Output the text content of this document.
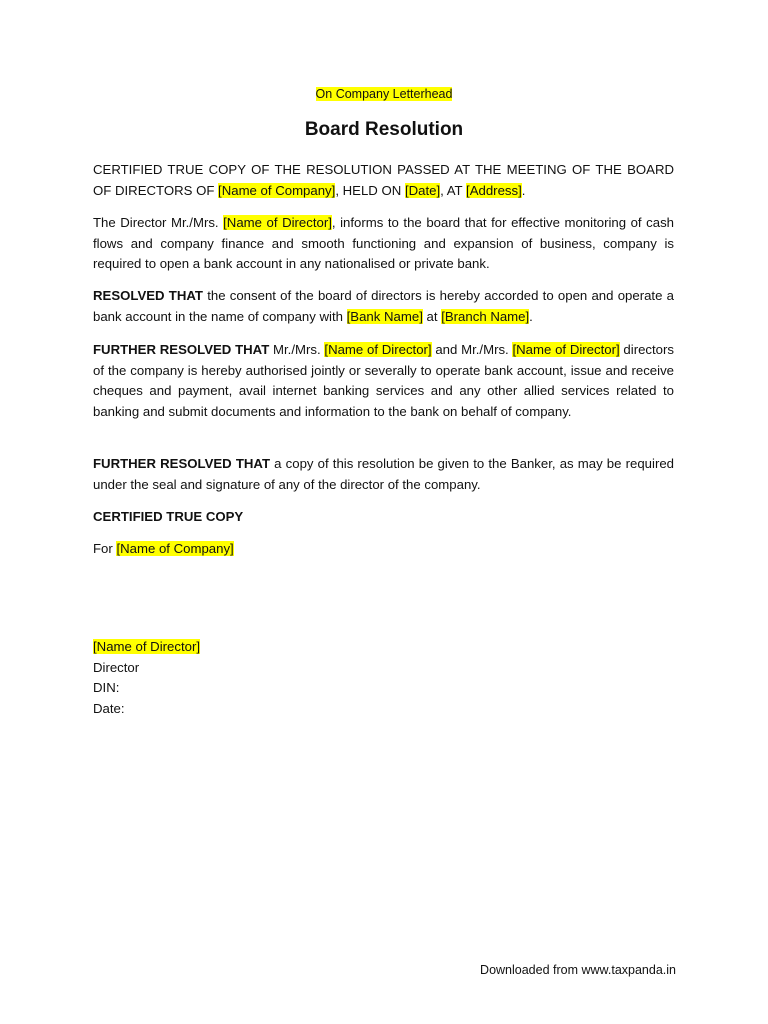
On Company Letterhead
Board Resolution
CERTIFIED TRUE COPY OF THE RESOLUTION PASSED AT THE MEETING OF THE BOARD OF DIRECTORS OF [Name of Company], HELD ON [Date], AT [Address].
The Director Mr./Mrs. [Name of Director], informs to the board that for effective monitoring of cash flows and company finance and smooth functioning and expansion of business, company is required to open a bank account in any nationalised or private bank.
RESOLVED THAT the consent of the board of directors is hereby accorded to open and operate a bank account in the name of company with [Bank Name] at [Branch Name].
FURTHER RESOLVED THAT Mr./Mrs. [Name of Director] and Mr./Mrs. [Name of Director] directors of the company is hereby authorised jointly or severally to operate bank account, issue and receive cheques and payment, avail internet banking services and any other allied services related to banking and submit documents and information to the bank on behalf of company.
FURTHER RESOLVED THAT a copy of this resolution be given to the Banker, as may be required under the seal and signature of any of the director of the company.
CERTIFIED TRUE COPY
For [Name of Company]
[Name of Director]
Director
DIN:
Date:
Downloaded from www.taxpanda.in
